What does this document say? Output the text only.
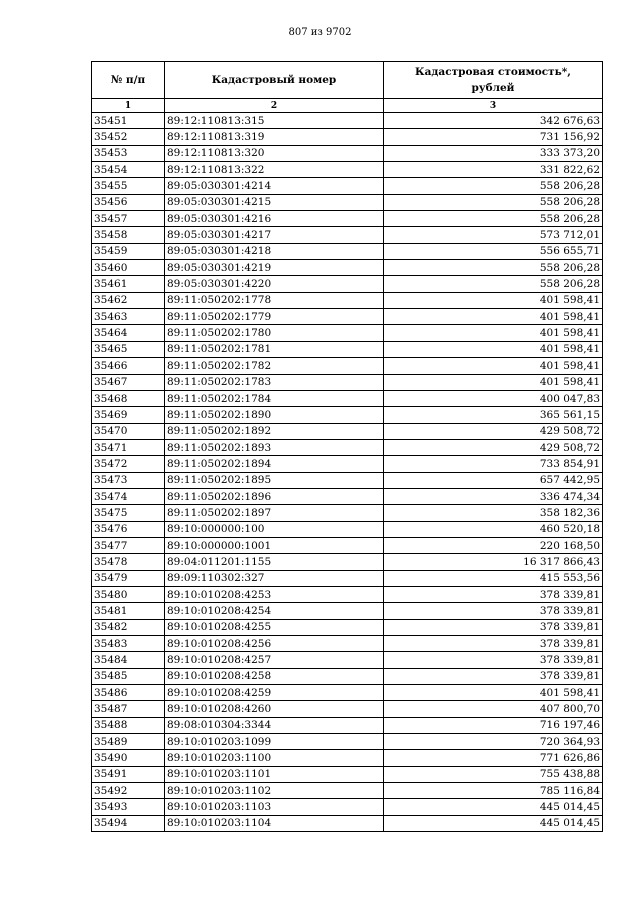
807 из 9702
№ п/п	Кадастровый номер	Кадастровая стоимость*,
рублей
1	2	3
35451	89:12:110813:315	342 676,63
35452	89:12:110813:319	731 156,92
35453	89:12:110813:320	333 373,20
35454	89:12:110813:322	331 822,62
35455	89:05:030301:4214	558 206,28
35456	89:05:030301:4215	558 206,28
35457	89:05:030301:4216	558 206,28
35458	89:05:030301:4217	573 712,01
35459	89:05:030301:4218	556 655,71
35460	89:05:030301:4219	558 206,28
35461	89:05:030301:4220	558 206,28
35462	89:11:050202:1778	401 598,41
35463	89:11:050202:1779	401 598,41
35464	89:11:050202:1780	401 598,41
35465	89:11:050202:1781	401 598,41
35466	89:11:050202:1782	401 598,41
35467	89:11:050202:1783	401 598,41
35468	89:11:050202:1784	400 047,83
35469	89:11:050202:1890	365 561,15
35470	89:11:050202:1892	429 508,72
35471	89:11:050202:1893	429 508,72
35472	89:11:050202:1894	733 854,91
35473	89:11:050202:1895	657 442,95
35474	89:11:050202:1896	336 474,34
35475	89:11:050202:1897	358 182,36
35476	89:10:000000:100	460 520,18
35477	89:10:000000:1001	220 168,50
35478	89:04:011201:1155	16 317 866,43
35479	89:09:110302:327	415 553,56
35480	89:10:010208:4253	378 339,81
35481	89:10:010208:4254	378 339,81
35482	89:10:010208:4255	378 339,81
35483	89:10:010208:4256	378 339,81
35484	89:10:010208:4257	378 339,81
35485	89:10:010208:4258	378 339,81
35486	89:10:010208:4259	401 598,41
35487	89:10:010208:4260	407 800,70
35488	89:08:010304:3344	716 197,46
35489	89:10:010203:1099	720 364,93
35490	89:10:010203:1100	771 626,86
35491	89:10:010203:1101	755 438,88
35492	89:10:010203:1102	785 116,84
35493	89:10:010203:1103	445 014,45
35494	89:10:010203:1104	445 014,45
